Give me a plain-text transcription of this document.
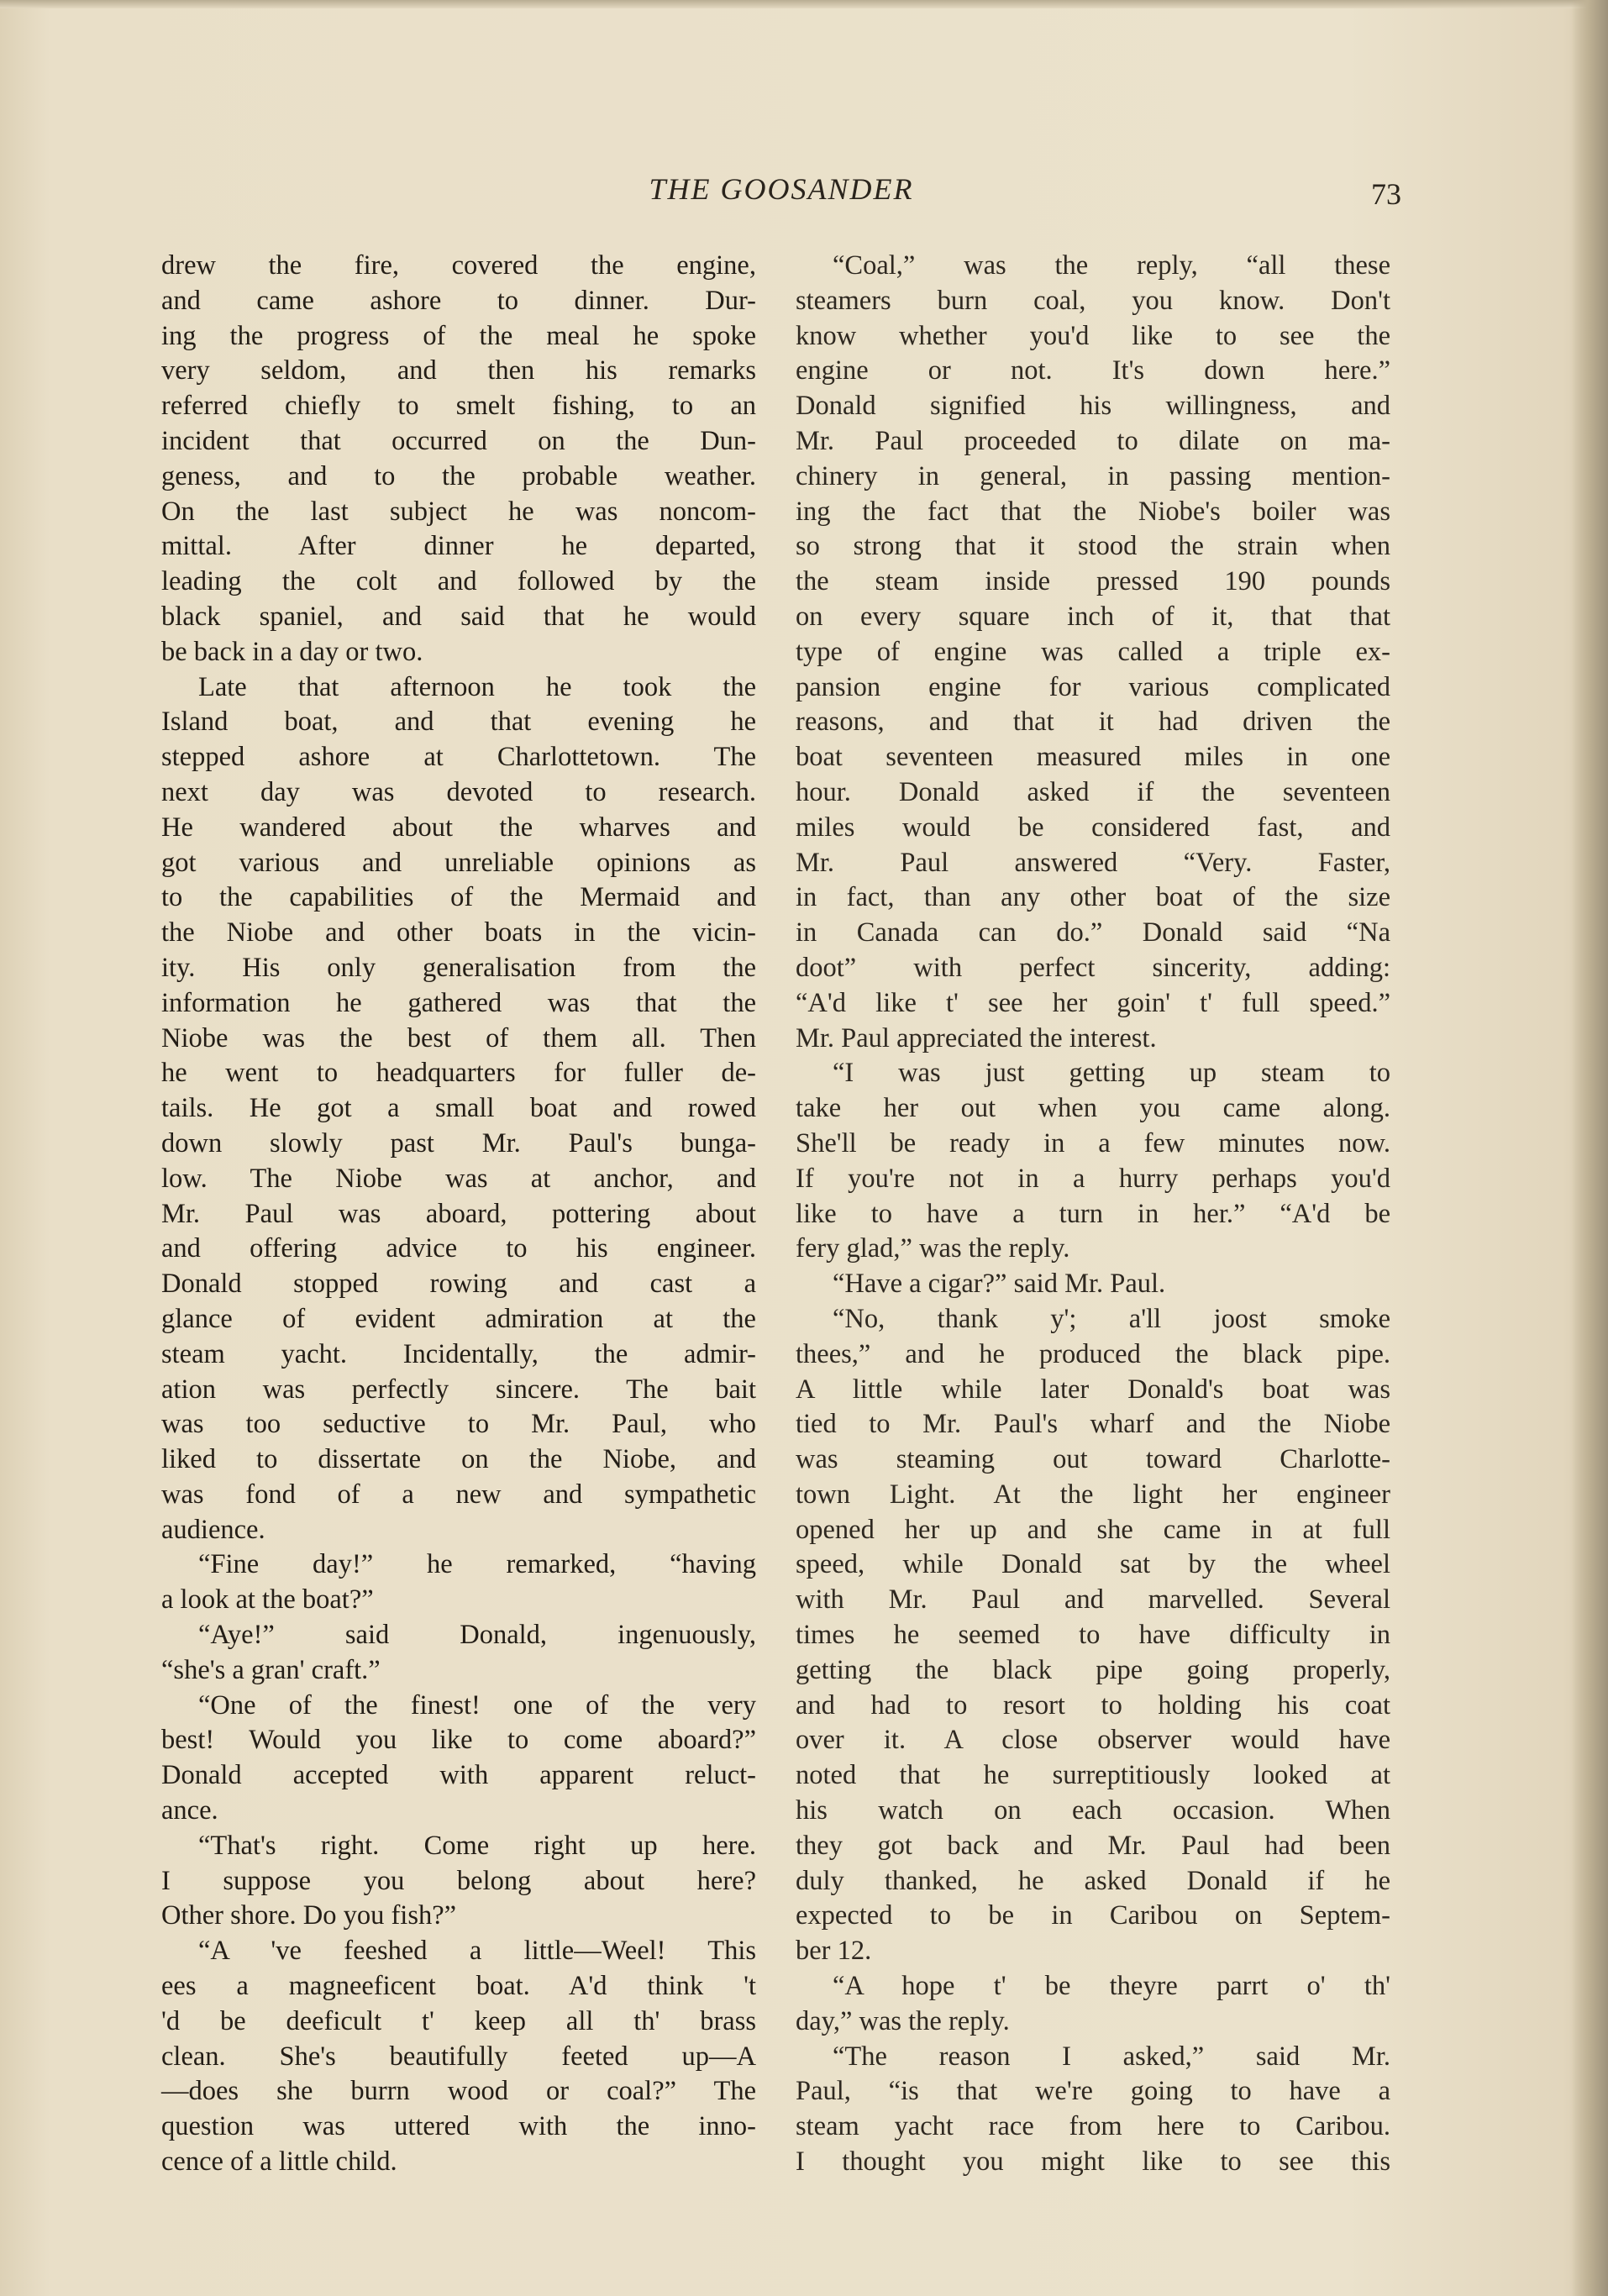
THE GOOSANDER	73
drew the fire, covered the engine,
and came ashore to dinner. Dur-
ing the progress of the meal he spoke
very seldom, and then his remarks
referred chiefly to smelt fishing, to an
incident that occurred on the Dun-
geness, and to the probable weather.
On the last subject he was noncom-
mittal. After dinner he departed,
leading the colt and followed by the
black spaniel, and said that he would
be back in a day or two.
Late that afternoon he took the
Island boat, and that evening he
stepped ashore at Charlottetown. The
next day was devoted to research.
He wandered about the wharves and
got various and unreliable opinions as
to the capabilities of the Mermaid and
the Niobe and other boats in the vicin-
ity. His only generalisation from the
information he gathered was that the
Niobe was the best of them all. Then
he went to headquarters for fuller de-
tails. He got a small boat and rowed
down slowly past Mr. Paul's bunga-
low. The Niobe was at anchor, and
Mr. Paul was aboard, pottering about
and offering advice to his engineer.
Donald stopped rowing and cast a
glance of evident admiration at the
steam yacht. Incidentally, the admir-
ation was perfectly sincere. The bait
was too seductive to Mr. Paul, who
liked to dissertate on the Niobe, and
was fond of a new and sympathetic
audience.
“Fine day!” he remarked, “having
a look at the boat?”
“Aye!” said Donald, ingenuously,
“she's a gran' craft.”
“One of the finest! one of the very
best! Would you like to come aboard?”
Donald accepted with apparent reluct-
ance.
“That's right. Come right up here.
I suppose you belong about here?
Other shore. Do you fish?”
“A 've feeshed a little—Weel! This
ees a magneeficent boat. A'd think 't
'd be deeficult t' keep all th' brass
clean. She's beautifully feeted up—A
—does she burrn wood or coal?” The
question was uttered with the inno-
cence of a little child.
“Coal,” was the reply, “all these
steamers burn coal, you know. Don't
know whether you'd like to see the
engine or not. It's down here.”
Donald signified his willingness, and
Mr. Paul proceeded to dilate on ma-
chinery in general, in passing mention-
ing the fact that the Niobe's boiler was
so strong that it stood the strain when
the steam inside pressed 190 pounds
on every square inch of it, that that
type of engine was called a triple ex-
pansion engine for various complicated
reasons, and that it had driven the
boat seventeen measured miles in one
hour. Donald asked if the seventeen
miles would be considered fast, and
Mr. Paul answered “Very. Faster,
in fact, than any other boat of the size
in Canada can do.” Donald said “Na
doot” with perfect sincerity, adding:
“A'd like t' see her goin' t' full speed.”
Mr. Paul appreciated the interest.
“I was just getting up steam to
take her out when you came along.
She'll be ready in a few minutes now.
If you're not in a hurry perhaps you'd
like to have a turn in her.” “A'd be
fery glad,” was the reply.
“Have a cigar?” said Mr. Paul.
“No, thank y'; a'll joost smoke
thees,” and he produced the black pipe.
A little while later Donald's boat was
tied to Mr. Paul's wharf and the Niobe
was steaming out toward Charlotte-
town Light. At the light her engineer
opened her up and she came in at full
speed, while Donald sat by the wheel
with Mr. Paul and marvelled. Several
times he seemed to have difficulty in
getting the black pipe going properly,
and had to resort to holding his coat
over it. A close observer would have
noted that he surreptitiously looked at
his watch on each occasion. When
they got back and Mr. Paul had been
duly thanked, he asked Donald if he
expected to be in Caribou on Septem-
ber 12.
“A hope t' be theyre parrt o' th'
day,” was the reply.
“The reason I asked,” said Mr.
Paul, “is that we're going to have a
steam yacht race from here to Caribou.
I thought you might like to see this
